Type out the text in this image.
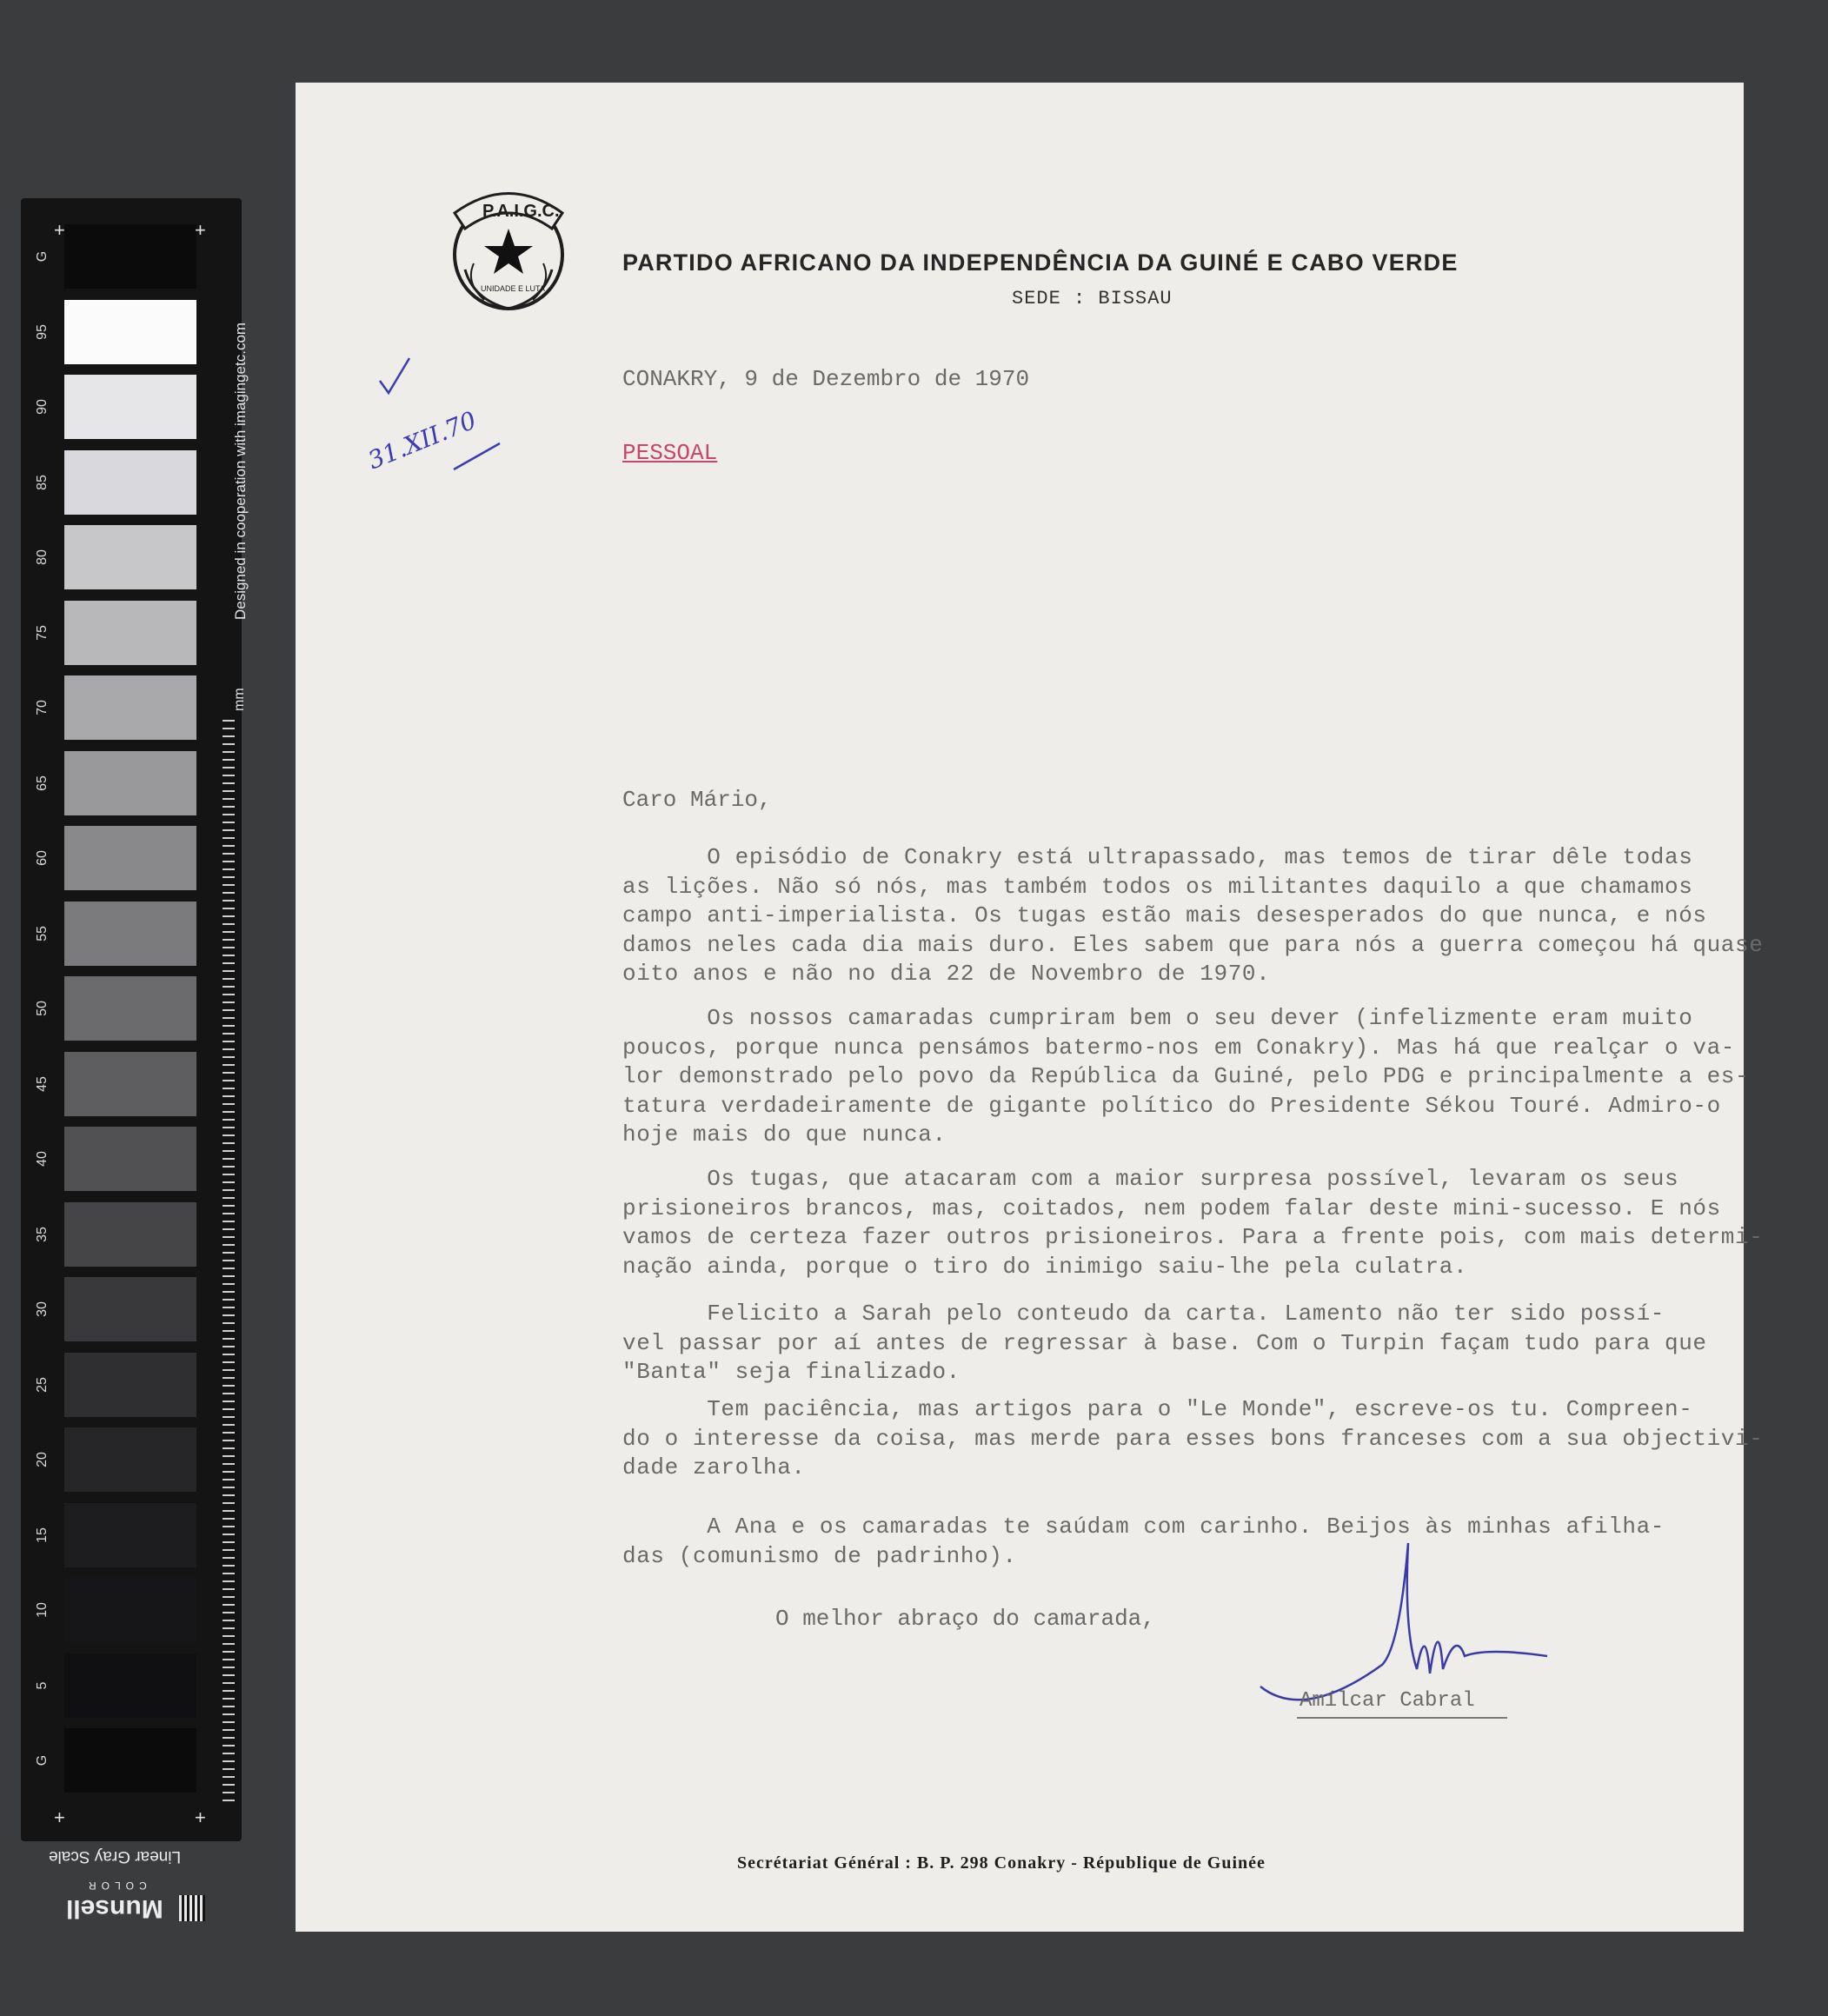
G
95
90
85
80
75
70
65
60
55
50
45
40
35
30
25
20
15
10
5
G
+	+
+	+
Designed in cooperation with imagingetc.com
mm
Linear Gray Scale
Munsell
COLOR
P.A.I.G.C.
UNIDADE E LUTA
PARTIDO AFRICANO DA INDEPENDÊNCIA DA GUINÉ E CABO VERDE
SEDE : BISSAU
31.XII.70
CONAKRY, 9 de Dezembro de 1970
PESSOAL
Caro Mário,
O episódio de Conakry está ultrapassado, mas temos de tirar dêle todas
as lições. Não só nós, mas também todos os militantes daquilo a que chamamos
campo anti-imperialista. Os tugas estão mais desesperados do que nunca, e nós
damos neles cada dia mais duro. Eles sabem que para nós a guerra começou há quase
oito anos e não no dia 22 de Novembro de 1970.
Os nossos camaradas cumpriram bem o seu dever (infelizmente eram muito
poucos, porque nunca pensámos batermo-nos em Conakry). Mas há que realçar o va-
lor demonstrado pelo povo da República da Guiné, pelo PDG e principalmente a es-
tatura verdadeiramente de gigante político do Presidente Sékou Touré. Admiro-o
hoje mais do que nunca.
Os tugas, que atacaram com a maior surpresa possível, levaram os seus
prisioneiros brancos, mas, coitados, nem podem falar deste mini-sucesso. E nós
vamos de certeza fazer outros prisioneiros. Para a frente pois, com mais determi-
nação ainda, porque o tiro do inimigo saiu-lhe pela culatra.
Felicito a Sarah pelo conteudo da carta. Lamento não ter sido possí-
vel passar por aí antes de regressar à base. Com o Turpin façam tudo para que
"Banta" seja finalizado.
Tem paciência, mas artigos para o "Le Monde", escreve-os tu. Compreen-
do o interesse da coisa, mas merde para esses bons franceses com a sua objectivi-
dade zarolha.
A Ana e os camaradas te saúdam com carinho. Beijos às minhas afilha-
das (comunismo de padrinho).
O melhor abraço do camarada,
Amílcar Cabral
Secrétariat Général : B. P. 298 Conakry - République de Guinée
